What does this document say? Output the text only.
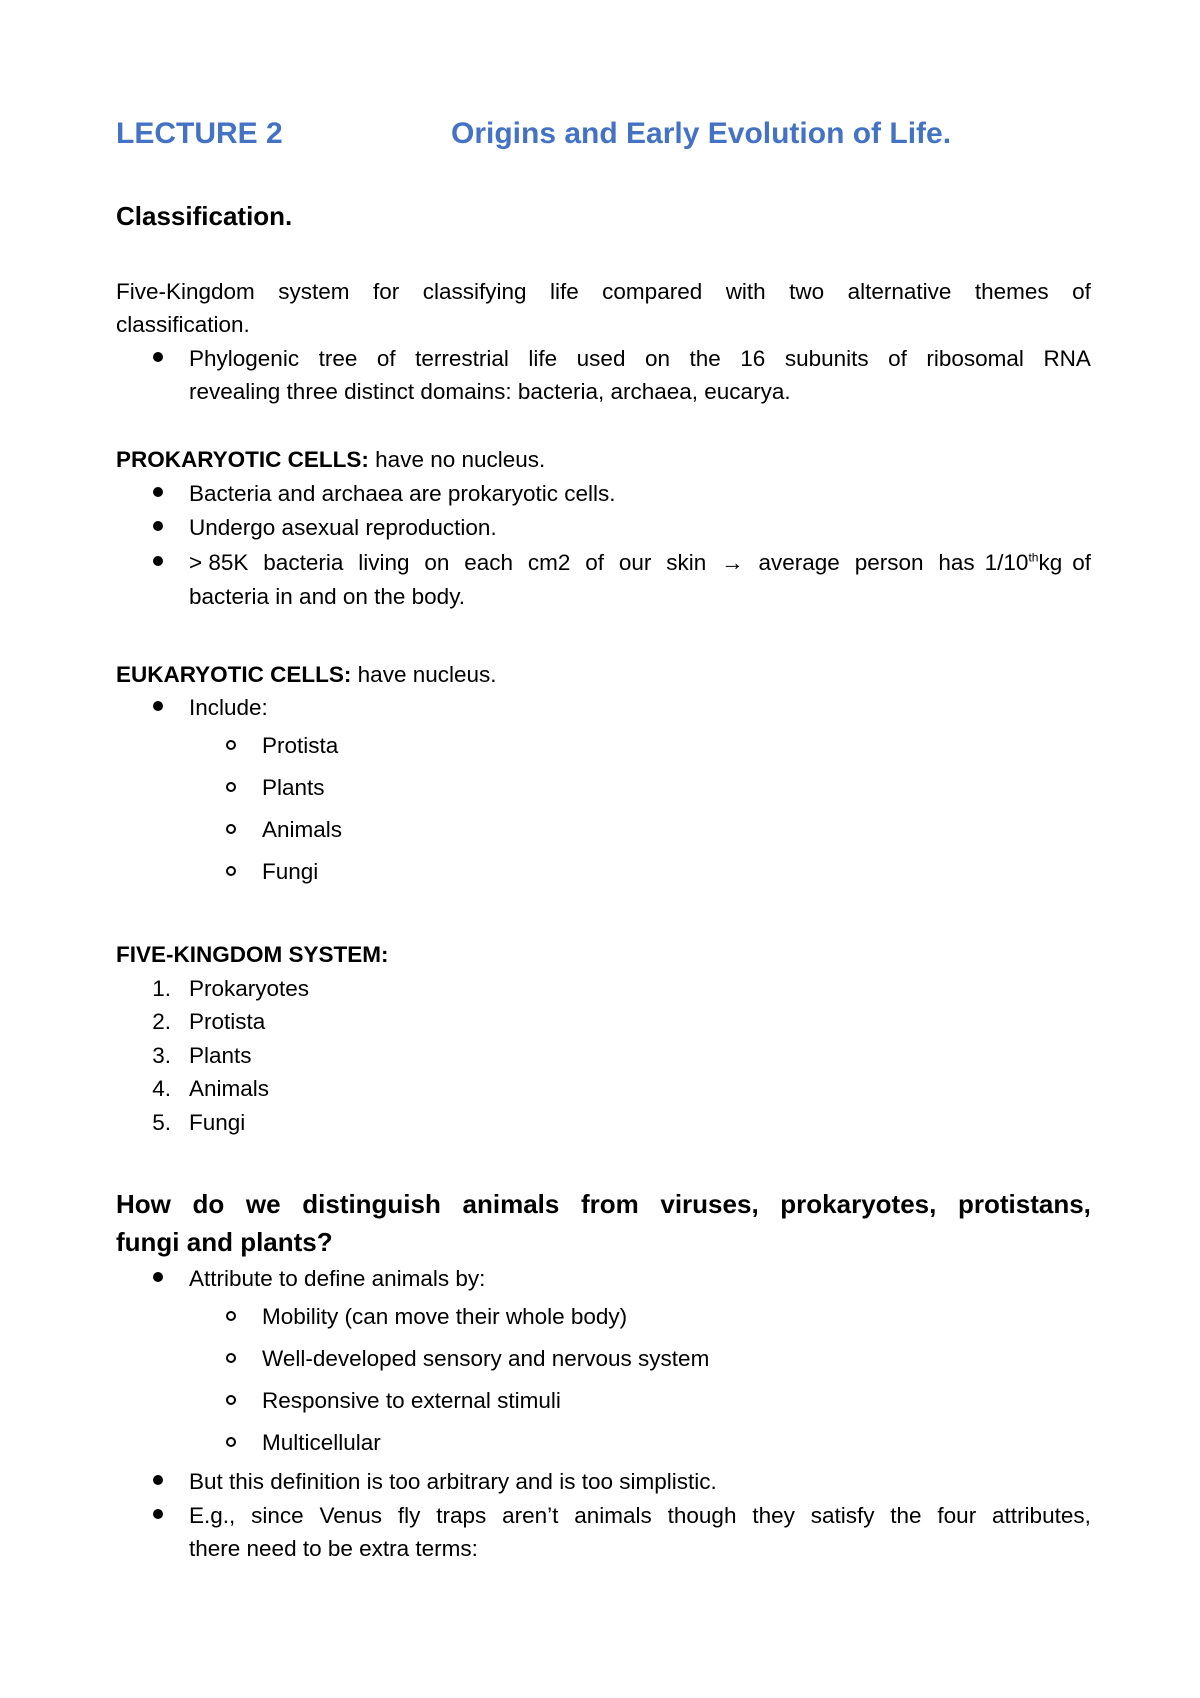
LECTURE 2	Origins and Early Evolution of Life.
Classification.
Five-Kingdom system for classifying life compared with two alternative themes of
classification.
Phylogenic tree of terrestrial life used on the 16 subunits of ribosomal RNA
revealing three distinct domains: bacteria, archaea, eucarya.
PROKARYOTIC CELLS: have no nucleus.
Bacteria and archaea are prokaryotic cells.
Undergo asexual reproduction.
> 85K bacteria living on each cm2 of our skin → average person has 1/10thkg of
bacteria in and on the body.
EUKARYOTIC CELLS: have nucleus.
Include:
Protista
Plants
Animals
Fungi
FIVE-KINGDOM SYSTEM:
1. Prokaryotes
2. Protista
3. Plants
4. Animals
5. Fungi
How do we distinguish animals from viruses, prokaryotes, protistans,
fungi and plants?
Attribute to define animals by:
Mobility (can move their whole body)
Well-developed sensory and nervous system
Responsive to external stimuli
Multicellular
But this definition is too arbitrary and is too simplistic.
E.g., since Venus fly traps aren’t animals though they satisfy the four attributes,
there need to be extra terms:
